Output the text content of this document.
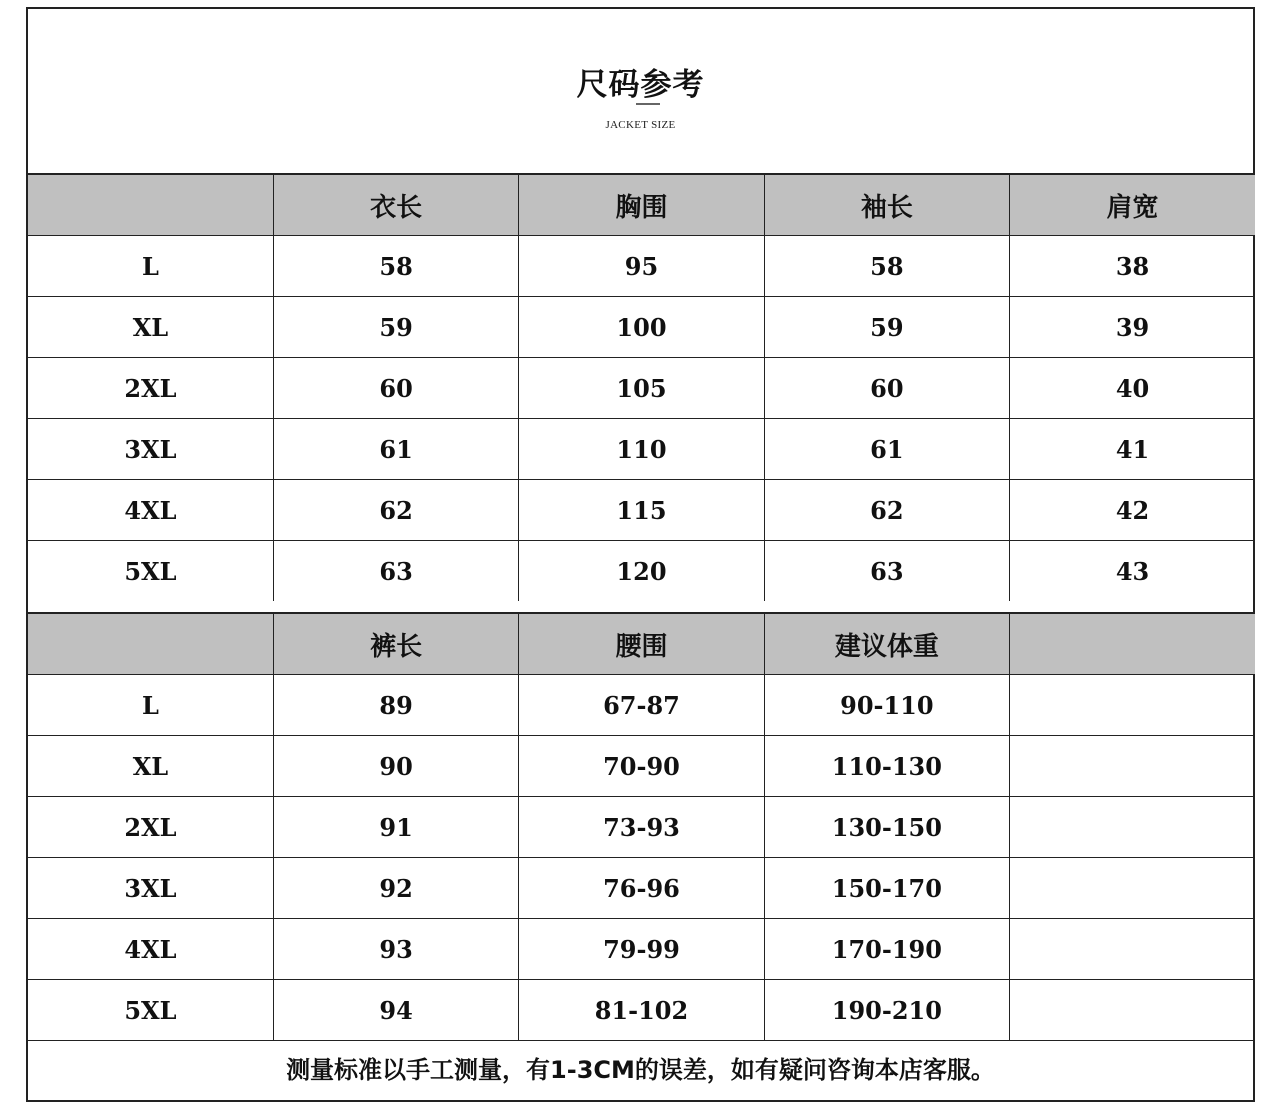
尺码参考
JACKET SIZE
	衣长	胸围	袖长	肩宽
L	58	95	58	38
XL	59	100	59	39
2XL	60	105	60	40
3XL	61	110	61	41
4XL	62	115	62	42
5XL	63	120	63	43
	裤长	腰围	建议体重	
L	89	67-87	90-110	
XL	90	70-90	110-130	
2XL	91	73-93	130-150	
3XL	92	76-96	150-170	
4XL	93	79-99	170-190	
5XL	94	81-102	190-210	
测量标准以手工测量，有1-3CM的误差，如有疑问咨询本店客服。
